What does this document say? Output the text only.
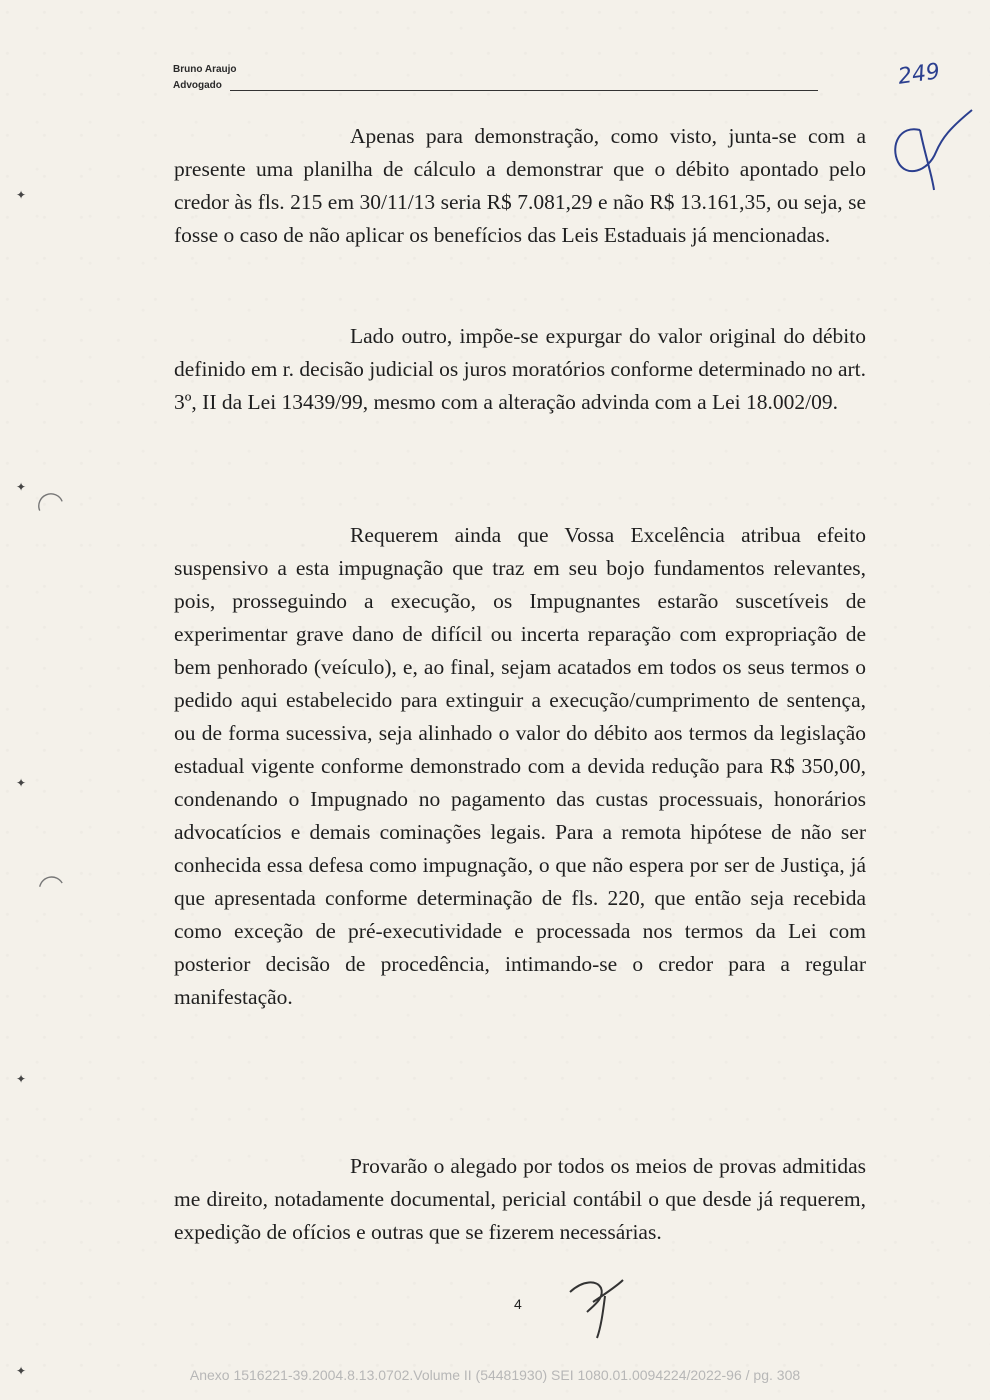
Bruno Araujo
Advogado	249

Apenas para demonstração, como visto, junta-se com a presente uma planilha de cálculo a demonstrar que o débito apontado pelo credor às fls. 215 em 30/11/13 seria R$ 7.081,29 e não R$ 13.161,35, ou seja, se fosse o caso de não aplicar os benefícios das Leis Estaduais já mencionadas.

Lado outro, impõe-se expurgar do valor original do débito definido em r. decisão judicial os juros moratórios conforme determinado no art. 3º, II da Lei 13439/99, mesmo com a alteração advinda com a Lei 18.002/09.

Requerem ainda que Vossa Excelência atribua efeito suspensivo a esta impugnação que traz em seu bojo fundamentos relevantes, pois, prosseguindo a execução, os Impugnantes estarão suscetíveis de experimentar grave dano de difícil ou incerta reparação com expropriação de bem penhorado (veículo), e, ao final, sejam acatados em todos os seus termos o pedido aqui estabelecido para extinguir a execução/cumprimento de sentença, ou de forma sucessiva, seja alinhado o valor do débito aos termos da legislação estadual vigente conforme demonstrado com a devida redução para R$ 350,00, condenando o Impugnado no pagamento das custas processuais, honorários advocatícios e demais cominações legais. Para a remota hipótese de não ser conhecida essa defesa como impugnação, o que não espera por ser de Justiça, já que apresentada conforme determinação de fls. 220, que então seja recebida como exceção de pré-executividade e processada nos termos da Lei com posterior decisão de procedência, intimando-se o credor para a regular manifestação.

Provarão o alegado por todos os meios de provas admitidas me direito, notadamente documental, pericial contábil o que desde já requerem, expedição de ofícios e outras que se fizerem necessárias.

4
✦
✦
✦
✦
✦	Anexo 1516221-39.2004.8.13.0702.Volume II (54481930) SEI 1080.01.0094224/2022-96 / pg. 308
